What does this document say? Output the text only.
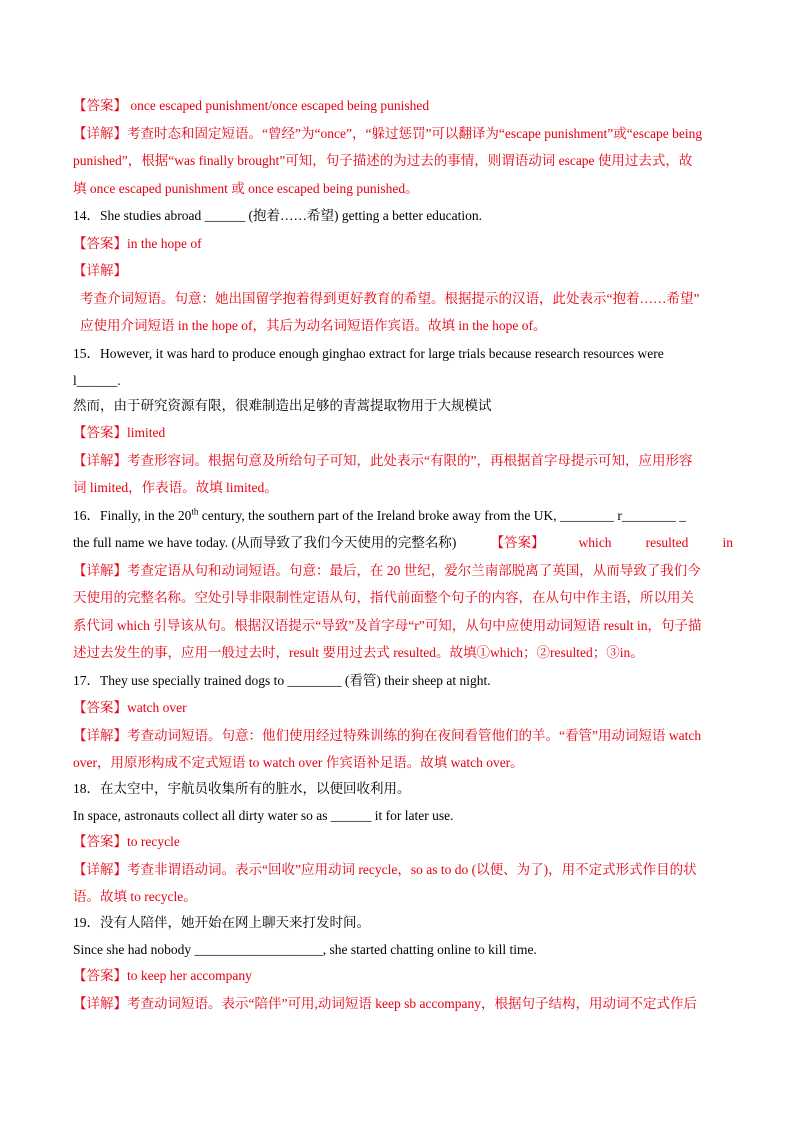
【答案】 once escaped punishment/once escaped being punished
【详解】考查时态和固定短语。“曾经”为“once”，“躲过惩罚”可以翻译为“escape punishment”或“escape being
punished”，根据“was finally brought”可知，句子描述的为过去的事情，则谓语动词 escape 使用过去式，故
填 once escaped punishment 或 once escaped being punished。
14．She studies abroad ______ (抱着……希望) getting a better education.
【答案】in the hope of
【详解】
考查介词短语。句意：她出国留学抱着得到更好教育的希望。根据提示的汉语，此处表示“抱着……希望”
应使用介词短语 in the hope of，其后为动名词短语作宾语。故填 in the hope of。
15．However, it was hard to produce enough ginghao extract for large trials because research resources were
l______.
然而，由于研究资源有限，很难制造出足够的青蒿提取物用于大规模试
【答案】limited
【详解】考查形容词。根据句意及所给句子可知，此处表示“有限的”，再根据首字母提示可知，应用形容
词 limited，作表语。故填 limited。
16．Finally, in the 20th century, the southern part of the Ireland broke away from the UK, ________ r________ _
the full name we have today. (从而导致了我们今天使用的完整名称)	【答案】	which	resulted	in
【详解】考查定语从句和动词短语。句意：最后，在 20 世纪，爱尔兰南部脱离了英国，从而导致了我们今
天使用的完整名称。空处引导非限制性定语从句，指代前面整个句子的内容，在从句中作主语，所以用关
系代词 which 引导该从句。根据汉语提示“导致”及首字母“r”可知，从句中应使用动词短语 result in，句子描
述过去发生的事，应用一般过去时，result 要用过去式 resulted。故填①which；②resulted；③in。
17．They use specially trained dogs to ________ (看管) their sheep at night.
【答案】watch over
【详解】考查动词短语。句意：他们使用经过特殊训练的狗在夜间看管他们的羊。“看管”用动词短语 watch
over，用原形构成不定式短语 to watch over 作宾语补足语。故填 watch over。
18．在太空中，宇航员收集所有的脏水，以便回收利用。
In space, astronauts collect all dirty water so as ______ it for later use.
【答案】to recycle
【详解】考查非谓语动词。表示“回收”应用动词 recycle，so as to do (以便、为了)，用不定式形式作目的状
语。故填 to recycle。
19．没有人陪伴，她开始在网上聊天来打发时间。
Since she had nobody ___________________, she started chatting online to kill time.
【答案】to keep her accompany
【详解】考查动词短语。表示“陪伴”可用,动词短语 keep sb accompany，根据句子结构，用动词不定式作后
